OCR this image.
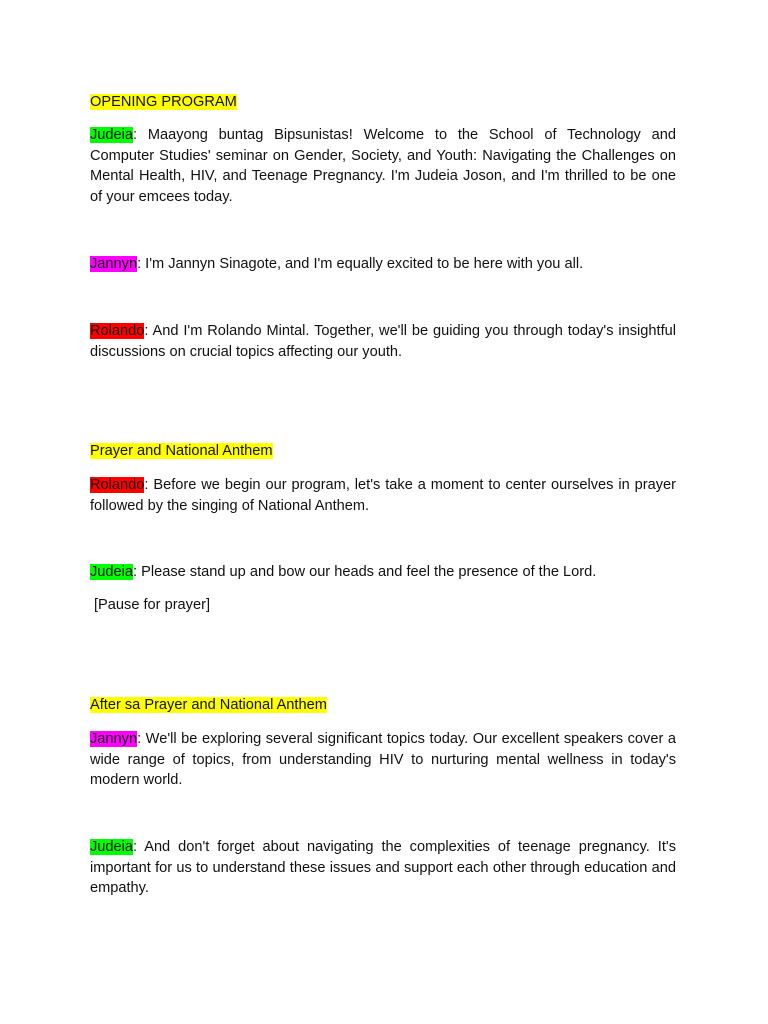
OPENING PROGRAM

Judeia: Maayong buntag Bipsunistas! Welcome to the School of Technology and Computer Studies' seminar on Gender, Society, and Youth: Navigating the Challenges on Mental Health, HIV, and Teenage Pregnancy. I'm Judeia Joson, and I'm thrilled to be one of your emcees today.

Jannyn: I'm Jannyn Sinagote, and I'm equally excited to be here with you all.

Rolando: And I'm Rolando Mintal. Together, we'll be guiding you through today's insightful discussions on crucial topics affecting our youth.

Prayer and National Anthem

Rolando: Before we begin our program, let's take a moment to center ourselves in prayer followed by the singing of National Anthem.

Judeia: Please stand up and bow our heads and feel the presence of the Lord.

[Pause for prayer]

After sa Prayer and National Anthem

Jannyn: We'll be exploring several significant topics today. Our excellent speakers cover a wide range of topics, from understanding HIV to nurturing mental wellness in today's modern world.

Judeia: And don't forget about navigating the complexities of teenage pregnancy. It's important for us to understand these issues and support each other through education and empathy.
